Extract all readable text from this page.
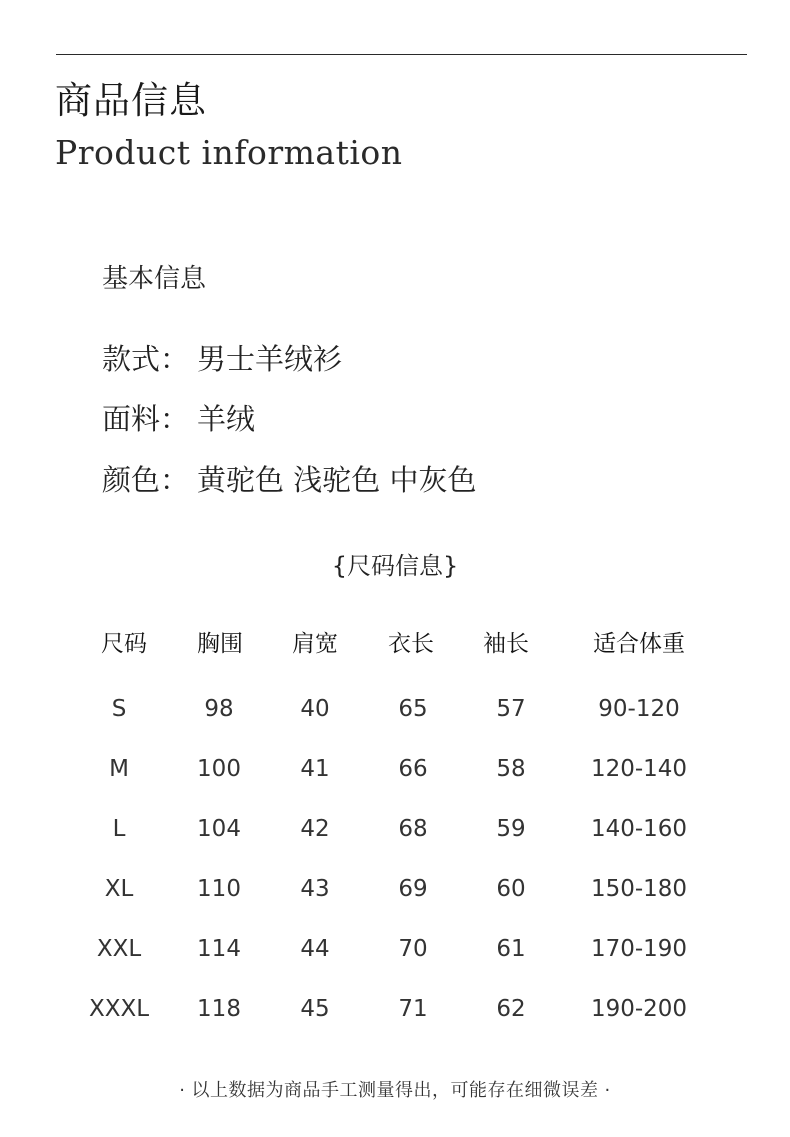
商品信息
Product information
基本信息
款式： 男士羊绒衫
面料： 羊绒
颜色： 黄驼色 浅驼色 中灰色
{尺码信息}
尺码	胸围	肩宽	衣长	袖长	适合体重
S	98	40	65	57	90-120
M	100	41	66	58	120-140
L	104	42	68	59	140-160
XL	110	43	69	60	150-180
XXL	114	44	70	61	170-190
XXXL	118	45	71	62	190-200
· 以上数据为商品手工测量得出，可能存在细微误差 ·
